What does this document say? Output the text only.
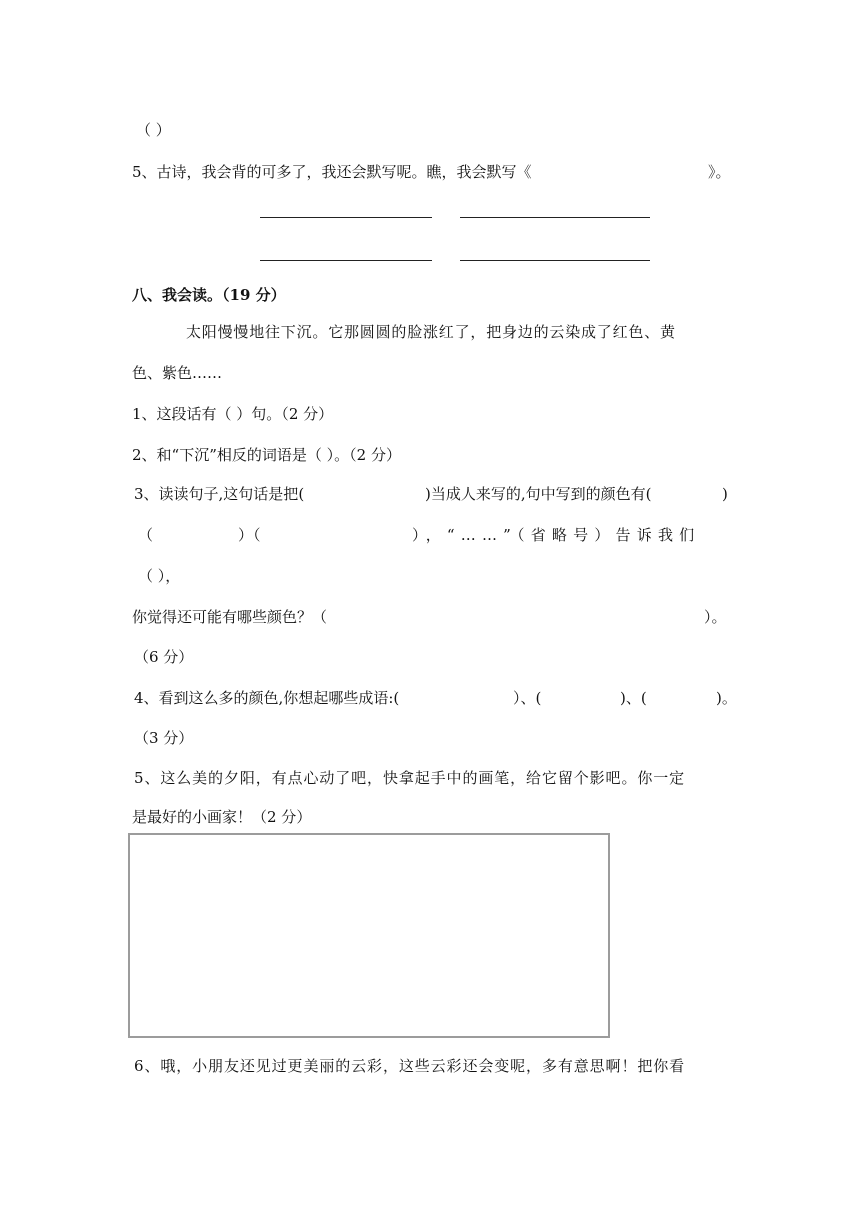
（ ）
5、古诗，我会背的可多了，我还会默写呢。瞧，我会默写《	》。
八、我会读。（19 分）
太阳慢慢地往下沉。它那圆圆的脸涨红了，把身边的云染成了红色、黄
色、紫色……
1、这段话有（ ）句。（2 分）
2、和“下沉”相反的词语是（ ）。（2 分）
3、读读句子,这句话是把(	)当成人来写的,句中写到的颜色有(	)
（	）（	），“……”（省略号）告诉我们
（ ），
你觉得还可能有哪些颜色？（	）。
（6 分）
4、看到这么多的颜色,你想起哪些成语:(	）、(	)、(	)。
（3 分）
5、这么美的夕阳，有点心动了吧，快拿起手中的画笔，给它留个影吧。你一定
是最好的小画家！（2 分）
6、哦，小朋友还见过更美丽的云彩，这些云彩还会变呢，多有意思啊！把你看
